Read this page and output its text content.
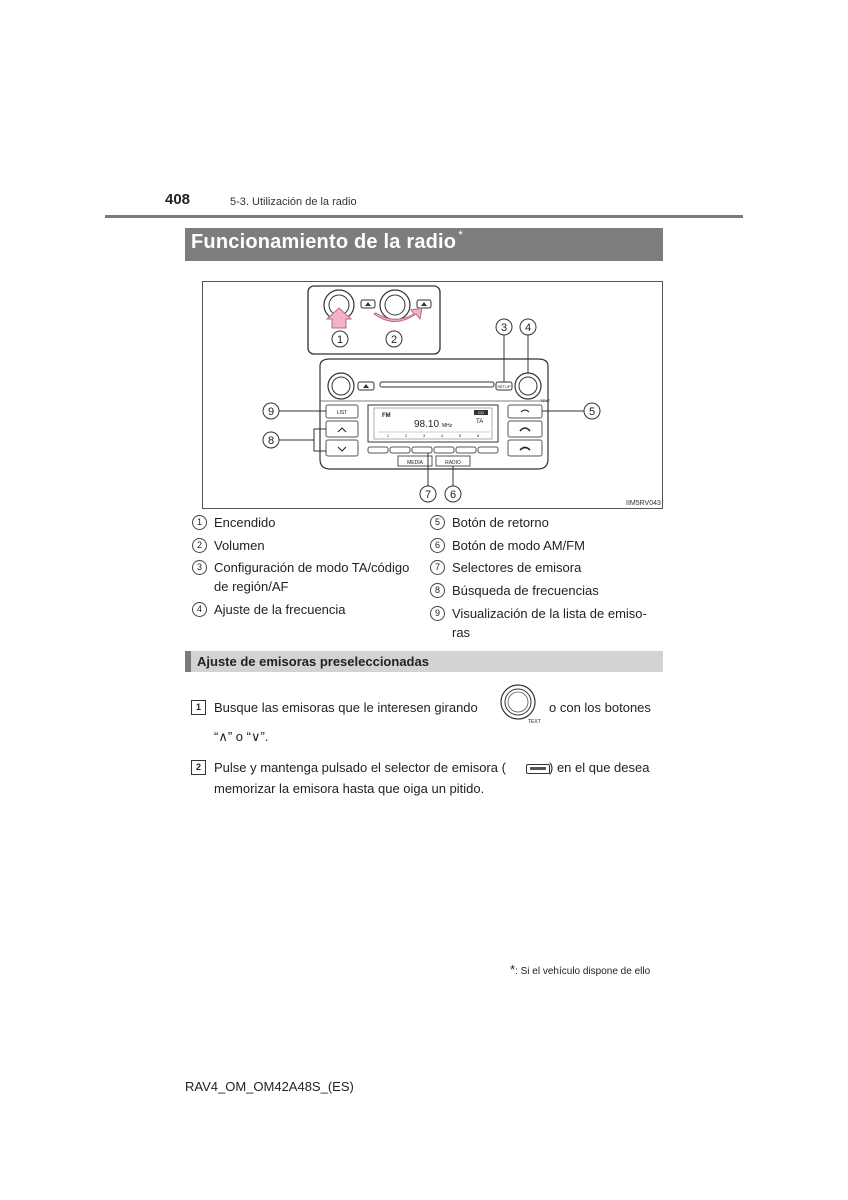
408	5-3. Utilización de la radio
Funcionamiento de la radio *
1	2
SETUP
TEXT
LIST	FM
98.10 MHz
CD
TA
1	2	3	4	5	6
MEDIA	RADIO
3 4
5
9
8
7 6
IIM5RV043
1 Encendido
2 Volumen
3 Configuración de modo TA/código
de región/AF
4 Ajuste de la frecuencia
5 Botón de retorno
6 Botón de modo AM/FM
7 Selectores de emisora
8 Búsqueda de frecuencias
9 Visualización de la lista de emiso-
ras
Ajuste de emisoras preseleccionadas
1	Busque las emisoras que le interesen girando
TEXT
o con los botones
“∧” o “∨”.
2	Pulse y mantenga pulsado el selector de emisora (	) en el que desea
memorizar la emisora hasta que oiga un pitido.
*: Si el vehículo dispone de ello
RAV4_OM_OM42A48S_(ES)
